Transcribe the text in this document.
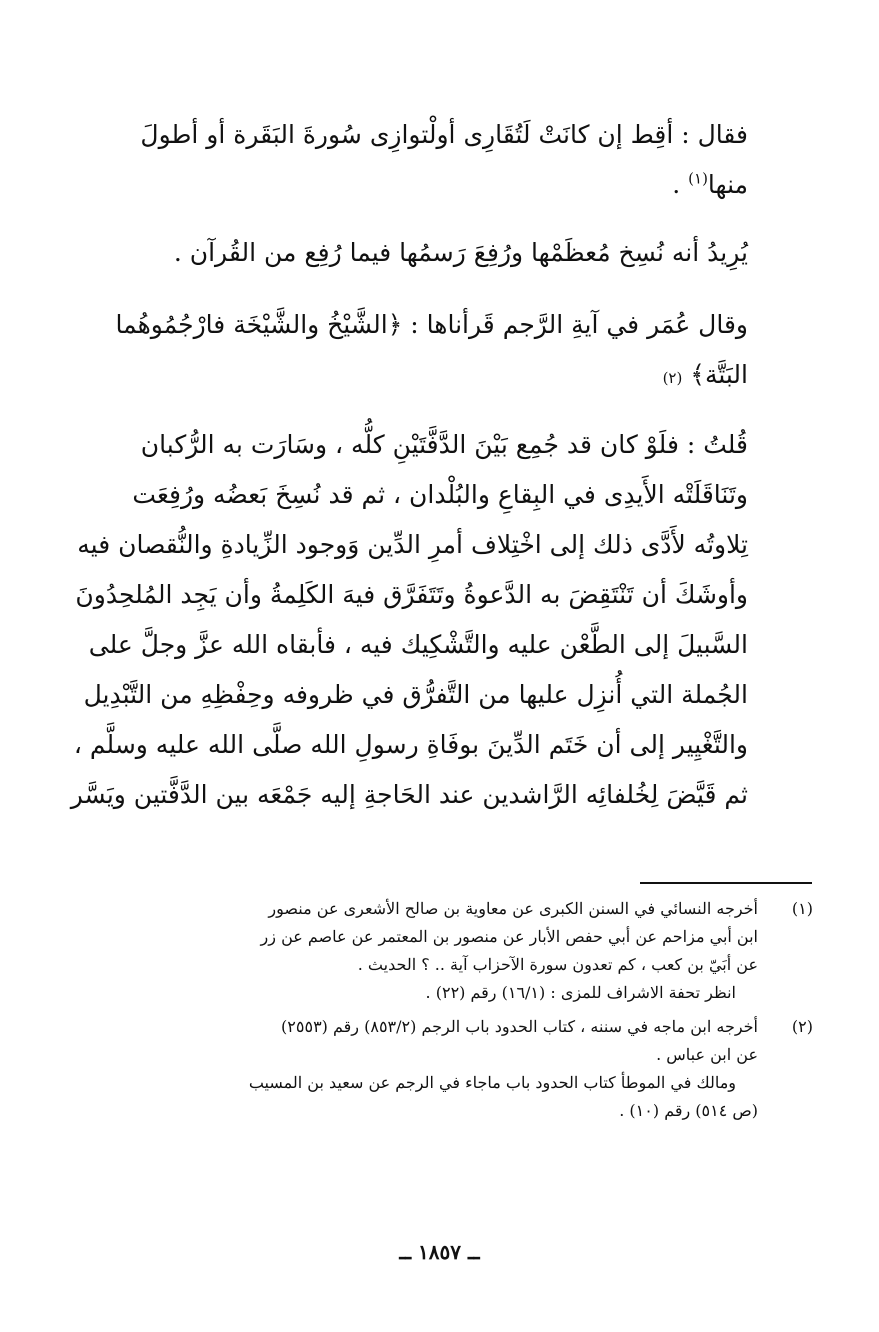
فقال : أقِط إن كانَتْ لَتُقَارِى أولْتوازِى سُورةَ البَقَرة أو أطولَ
منها$^{(١)}$ .
يُرِيدُ أنه نُسِخ مُعظَمْها ورُفِعَ رَسمُها فيما رُفِع من القُرآن .
وقال عُمَر في آيةِ الرَّجم قَرأناها : ﴿الشَّيْخُ والشَّيْخَة فارْجُمُوهُما
البَتَّة﴾ (٢)
قُلتُ : فلَوْ كان قد جُمِع بَيْنَ الدَّفَّتَيْنِ كلُّه ، وسَارَت به الرُّكبان
وتَنَاقَلَتْه الأَيدِى في البِقاعِ والبُلْدان ، ثم قد نُسِخَ بَعضُه ورُفِعَت
تِلاوتُه لأَدَّى ذلك إلى اخْتِلاف أمرِ الدِّين وَوجود الزِّيادةِ والنُّقصان فيه
وأوشَكَ أن تَنْتَقِضَ به الدَّعوةُ وتَتَفَرَّق فيهَ الكَلِمةُ وأن يَجِد المُلحِدُونَ
السَّبيلَ إلى الطَّعْن عليه والتَّشْكِيك فيه ، فأبقاه الله عزَّ وجلَّ على
الجُملة التي أُنزِل عليها من التَّفرُّق في ظروفه وحِفْظِهِ من التَّبْدِيل
والتَّغْيِير إلى أن خَتَم الدِّينَ بوفَاةِ رسولِ الله صلَّى الله عليه وسلَّم ،
ثم قَيَّضَ لِخُلفائِه الرَّاشدين عند الحَاجةِ إليه جَمْعَه بين الدَّفَّتين ويَسَّر
(١)
أخرجه النسائي في السنن الكبرى عن معاوية بن صالح الأشعرى عن منصور
ابن أبي مزاحم عن أبي حفص الأبار عن منصور بن المعتمر عن عاصم عن زر
عن أبَيّ بن كعب ، كم تعدون سورة الآحزاب آية .. ؟ الحديث .
انظر تحفة الاشراف للمزى : (١٦/١) رقم (٢٢) .
(٢)
أخرجه ابن ماجه في سننه ، كتاب الحدود باب الرجم (٨٥٣/٢) رقم (٢٥٥٣)
عن ابن عباس .
ومالك في الموطأ كتاب الحدود باب ماجاء في الرجم عن سعيد بن المسيب
(ص ٥١٤) رقم (١٠) .
ــ ١٨٥٧ ــ
